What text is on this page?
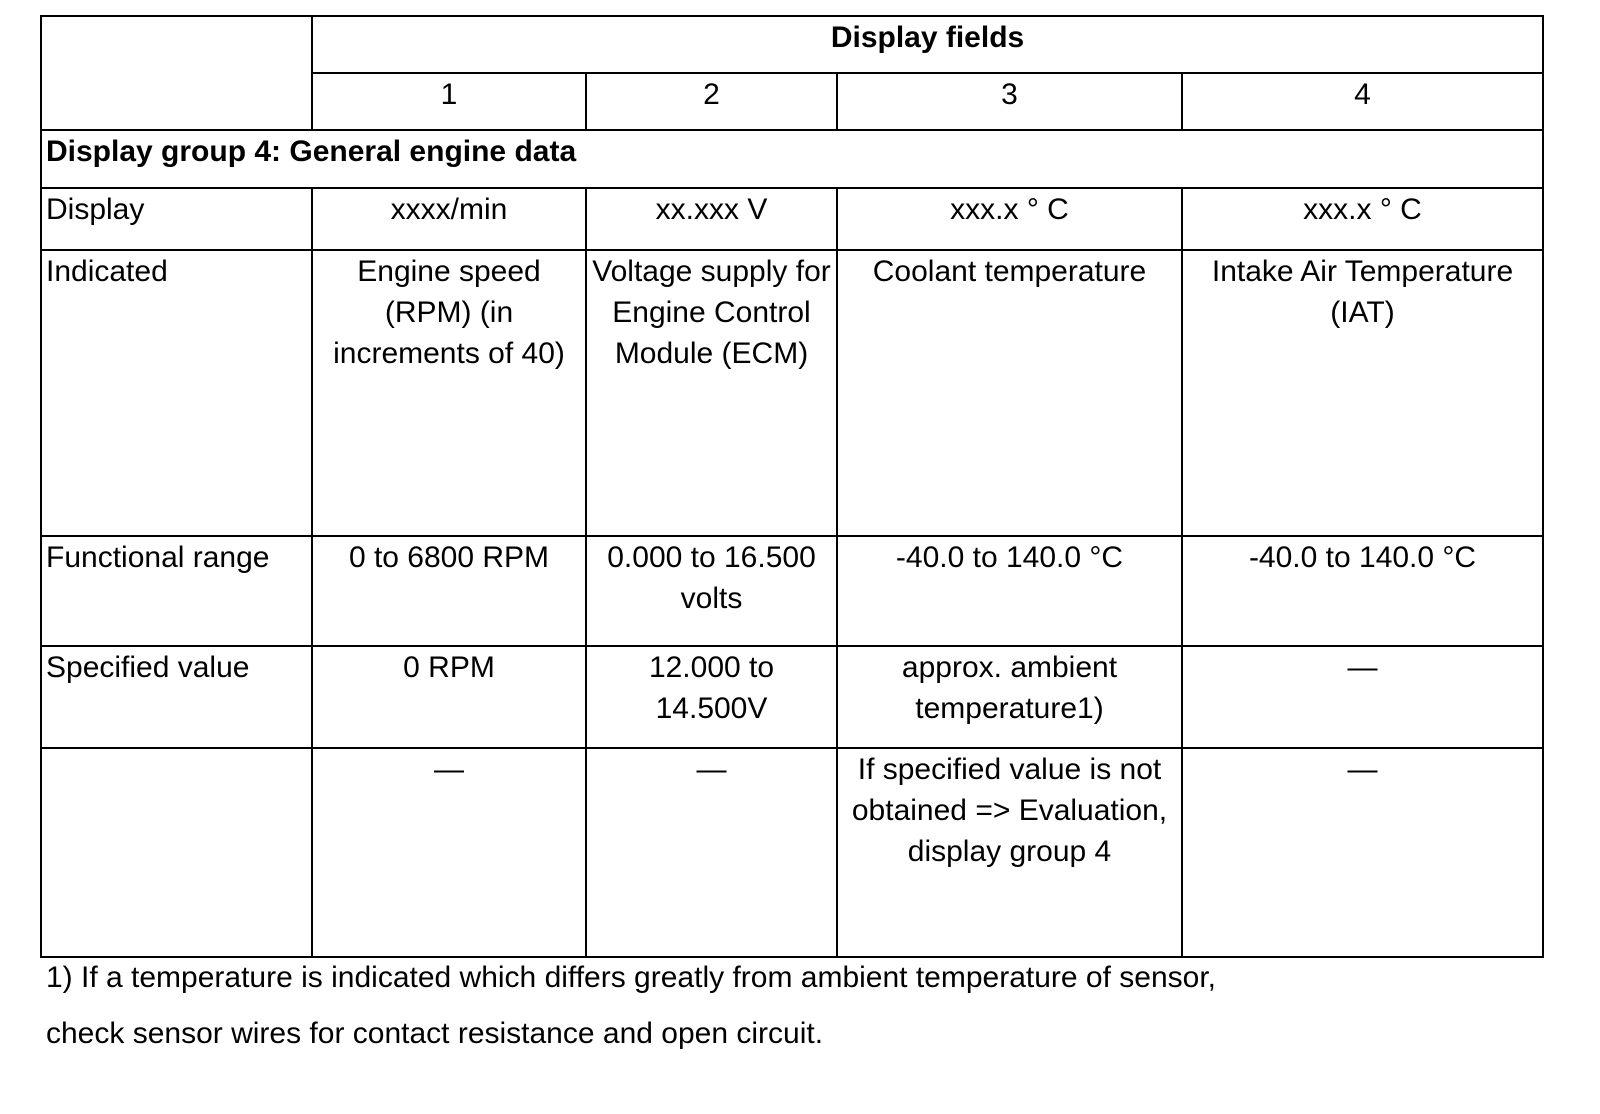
	Display fields			
	1	2	3	4
Display group 4: General engine data				
Display	xxxx/min	xx.xxx V	xxx.x ° C	xxx.x ° C
Indicated	Engine speed (RPM) (in increments of 40)	Voltage supply for Engine Control Module (ECM)	Coolant temperature	Intake Air Temperature (IAT)
Functional range	0 to 6800 RPM	0.000 to 16.500 volts	-40.0 to 140.0 °C	-40.0 to 140.0 °C
Specified value	0 RPM	12.000 to 14.500V	approx. ambient temperature1)	—
	—	—	If specified value is not obtained => Evaluation, display group 4	—
1) If a temperature is indicated which differs greatly from ambient temperature of sensor,
check sensor wires for contact resistance and open circuit.
